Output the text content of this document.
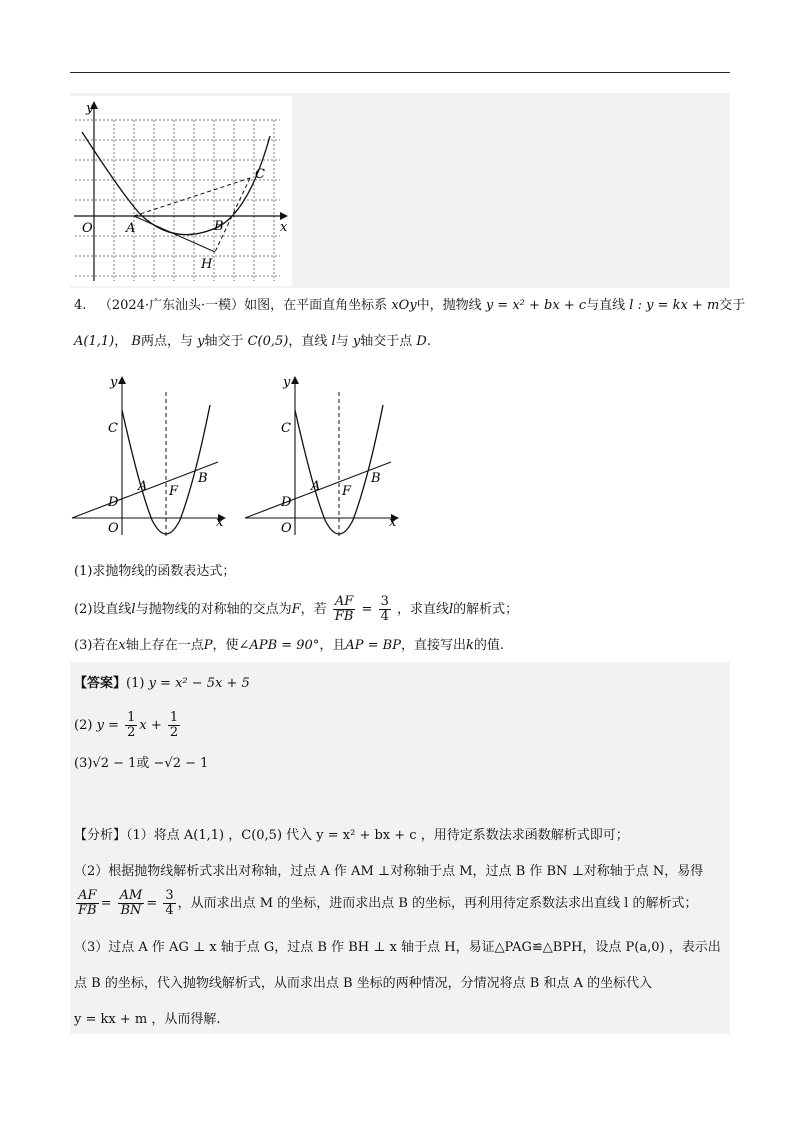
y
x
O	A	B
C
H
4. （2024·广东汕头·一模）如图，在平面直角坐标系 xOy中，抛物线 y = x² + bx + c与直线 l : y = kx + m交于
A(1,1)， B两点，与 y轴交于 C(0,5)，直线 l与 y轴交于点 D.
y
x
O
C
D
A F
B
y
x
O
C
D
A F
B
(1)求抛物线的函数表达式；
(2)设直线l与抛物线的对称轴的交点为F，若 $\frac{AF}{FB} = \frac{3}{4}$ ，求直线l的解析式；
(3)若在x轴上存在一点P，使∠APB = 90°，且AP = BP，直接写出k的值.
【答案】(1) y = x² − 5x + 5
(2) $y = \frac{1}{2}$ $x + \frac{1}{2}$
(3)√2 − 1或 −√2 − 1
【分析】（1）将点 A(1,1) ，C(0,5) 代入 y = x² + bx + c ，用待定系数法求函数解析式即可；
（2）根据抛物线解析式求出对称轴，过点 A 作 AM ⊥对称轴于点 M，过点 B 作 BN ⊥对称轴于点 N，易得
$\frac{AF}{FB} = \frac{AM}{BN} = \frac{3}{4}$ ，从而求出点 M 的坐标，进而求出点 B 的坐标，再利用待定系数法求出直线 l 的解析式；
（3）过点 A 作 AG ⊥ x 轴于点 G，过点 B 作 BH ⊥ x 轴于点 H，易证△PAG≌△BPH，设点 P(a,0) ，表示出
点 B 的坐标，代入抛物线解析式，从而求出点 B 坐标的两种情况，分情况将点 B 和点 A 的坐标代入
y = kx + m ，从而得解.
